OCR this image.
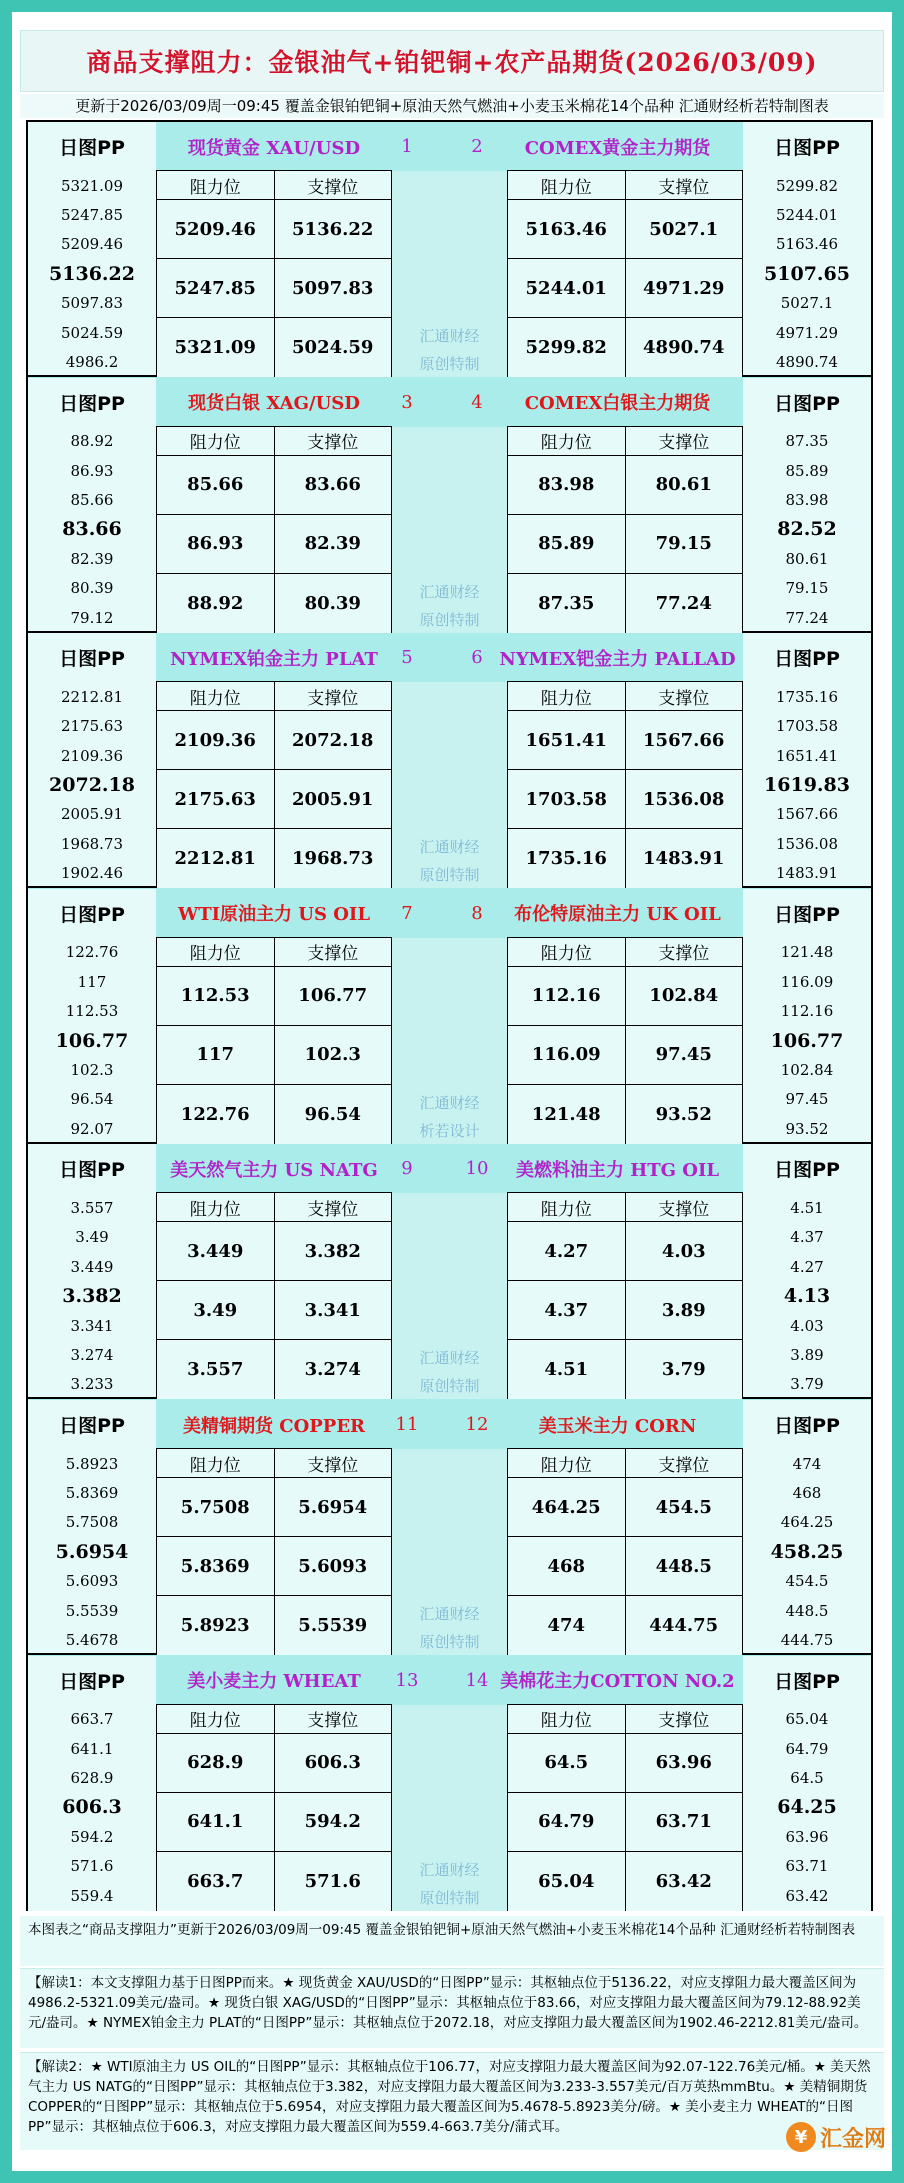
商品支撑阻力：金银油气+铂钯铜+农产品期货(2026/03/09)
更新于2026/03/09周一09:45 覆盖金银铂钯铜+原油天然气燃油+小麦玉米棉花14个品种 汇通财经析若特制图表
日图PP
5321.09
5247.85
5209.46
5136.22
5097.83
5024.59
4986.2
日图PP
5299.82
5244.01
5163.46
5107.65
5027.1
4971.29
4890.74
现货黄金 XAU/USD	1	2	COMEX黄金主力期货
阻力位	支撑位
5209.46	5136.22
5247.85	5097.83
5321.09	5024.59
阻力位	支撑位
5163.46	5027.1
5244.01	4971.29
5299.82	4890.74
汇通财经
原创特制
日图PP
88.92
86.93
85.66
83.66
82.39
80.39
79.12
日图PP
87.35
85.89
83.98
82.52
80.61
79.15
77.24
现货白银 XAG/USD	3	4	COMEX白银主力期货
阻力位	支撑位
85.66	83.66
86.93	82.39
88.92	80.39
阻力位	支撑位
83.98	80.61
85.89	79.15
87.35	77.24
汇通财经
原创特制
日图PP
2212.81
2175.63
2109.36
2072.18
2005.91
1968.73
1902.46
日图PP
1735.16
1703.58
1651.41
1619.83
1567.66
1536.08
1483.91
NYMEX铂金主力 PLAT	5	6 NYMEX钯金主力 PALLAD
阻力位	支撑位
2109.36	2072.18
2175.63	2005.91
2212.81	1968.73
阻力位	支撑位
1651.41	1567.66
1703.58	1536.08
1735.16	1483.91
汇通财经
原创特制
日图PP
122.76
117
112.53
106.77
102.3
96.54
92.07
日图PP
121.48
116.09
112.16
106.77
102.84
97.45
93.52
WTI原油主力 US OIL	7	8	布伦特原油主力 UK OIL
阻力位	支撑位
112.53	106.77
117	102.3
122.76	96.54
阻力位	支撑位
112.16	102.84
116.09	97.45
121.48	93.52
汇通财经
析若设计
日图PP
3.557
3.49
3.449
3.382
3.341
3.274
3.233
日图PP
4.51
4.37
4.27
4.13
4.03
3.89
3.79
美天然气主力 US NATG	9	10	美燃料油主力 HTG OIL
阻力位	支撑位
3.449	3.382
3.49	3.341
3.557	3.274
阻力位	支撑位
4.27	4.03
4.37	3.89
4.51	3.79
汇通财经
原创特制
日图PP
5.8923
5.8369
5.7508
5.6954
5.6093
5.5539
5.4678
日图PP
474
468
464.25
458.25
454.5
448.5
444.75
美精铜期货 COPPER	11	12	美玉米主力 CORN
阻力位	支撑位
5.7508	5.6954
5.8369	5.6093
5.8923	5.5539
阻力位	支撑位
464.25	454.5
468	448.5
474	444.75
汇通财经
原创特制
日图PP
663.7
641.1
628.9
606.3
594.2
571.6
559.4
日图PP
65.04
64.79
64.5
64.25
63.96
63.71
63.42
美小麦主力 WHEAT	13	14 美棉花主力COTTON NO.2
阻力位	支撑位
628.9	606.3
641.1	594.2
663.7	571.6
阻力位	支撑位
64.5	63.96
64.79	63.71
65.04	63.42
汇通财经
原创特制
本图表之“商品支撑阻力”更新于2026/03/09周一09:45 覆盖金银铂钯铜+原油天然气燃油+小麦玉米棉花14个品种 汇通财经析若特制图表
【解读1：本文支撑阻力基于日图PP而来。★ 现货黄金 XAU/USD的“日图PP”显示：其枢轴点位于5136.22，对应支撑阻力最大覆盖区间为4986.2-5321.09美元/盎司。★ 现货白银 XAG/USD的“日图PP”显示：其枢轴点位于83.66，对应支撑阻力最大覆盖区间为79.12-88.92美元/盎司。★ NYMEX铂金主力 PLAT的“日图PP”显示：其枢轴点位于2072.18，对应支撑阻力最大覆盖区间为1902.46-2212.81美元/盎司。
【解读2：★ WTI原油主力 US OIL的“日图PP”显示：其枢轴点位于106.77，对应支撑阻力最大覆盖区间为92.07-122.76美元/桶。★ 美天然气主力 US NATG的“日图PP”显示：其枢轴点位于3.382，对应支撑阻力最大覆盖区间为3.233-3.557美元/百万英热mmBtu。★ 美精铜期货 COPPER的“日图PP”显示：其枢轴点位于5.6954，对应支撑阻力最大覆盖区间为5.4678-5.8923美分/磅。★ 美小麦主力 WHEAT的“日图PP”显示：其枢轴点位于606.3，对应支撑阻力最大覆盖区间为559.4-663.7美分/蒲式耳。	¥ 汇金网
